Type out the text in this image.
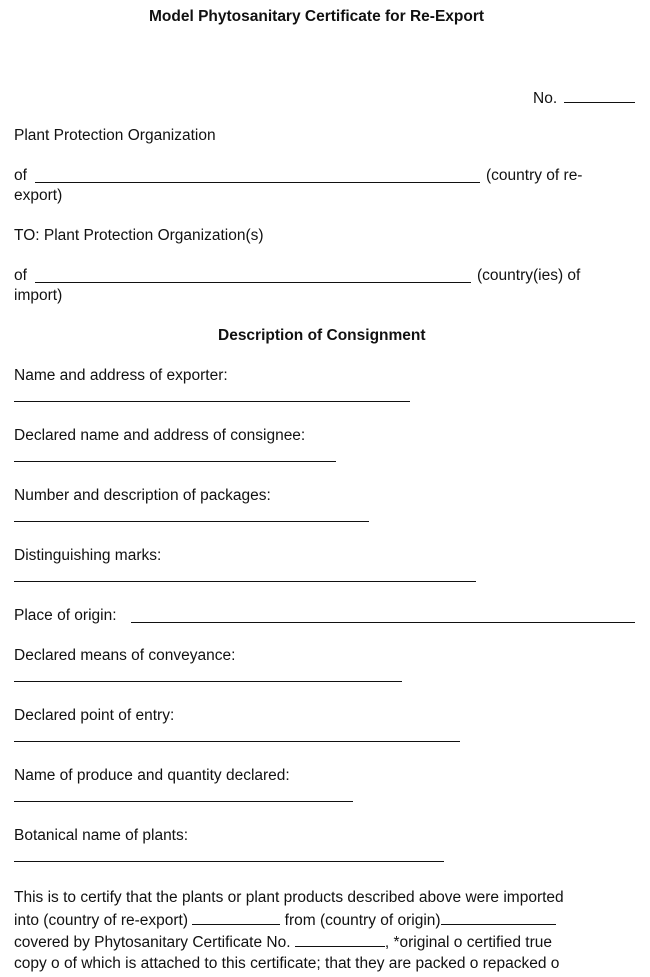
Model Phytosanitary Certificate for Re-Export
No.
Plant Protection Organization
of	(country of re-
export)
TO: Plant Protection Organization(s)
of	(country(ies) of
import)
Description of Consignment
Name and address of exporter:
Declared name and address of consignee:
Number and description of packages:
Distinguishing marks:
Place of origin:
Declared means of conveyance:
Declared point of entry:
Name of produce and quantity declared:
Botanical name of plants:
This is to certify that the plants or plant products described above were imported
into (country of re-export)	from (country of origin)
covered by Phytosanitary Certificate No.	, *original o certified true
copy o of which is attached to this certificate; that they are packed o repacked o
